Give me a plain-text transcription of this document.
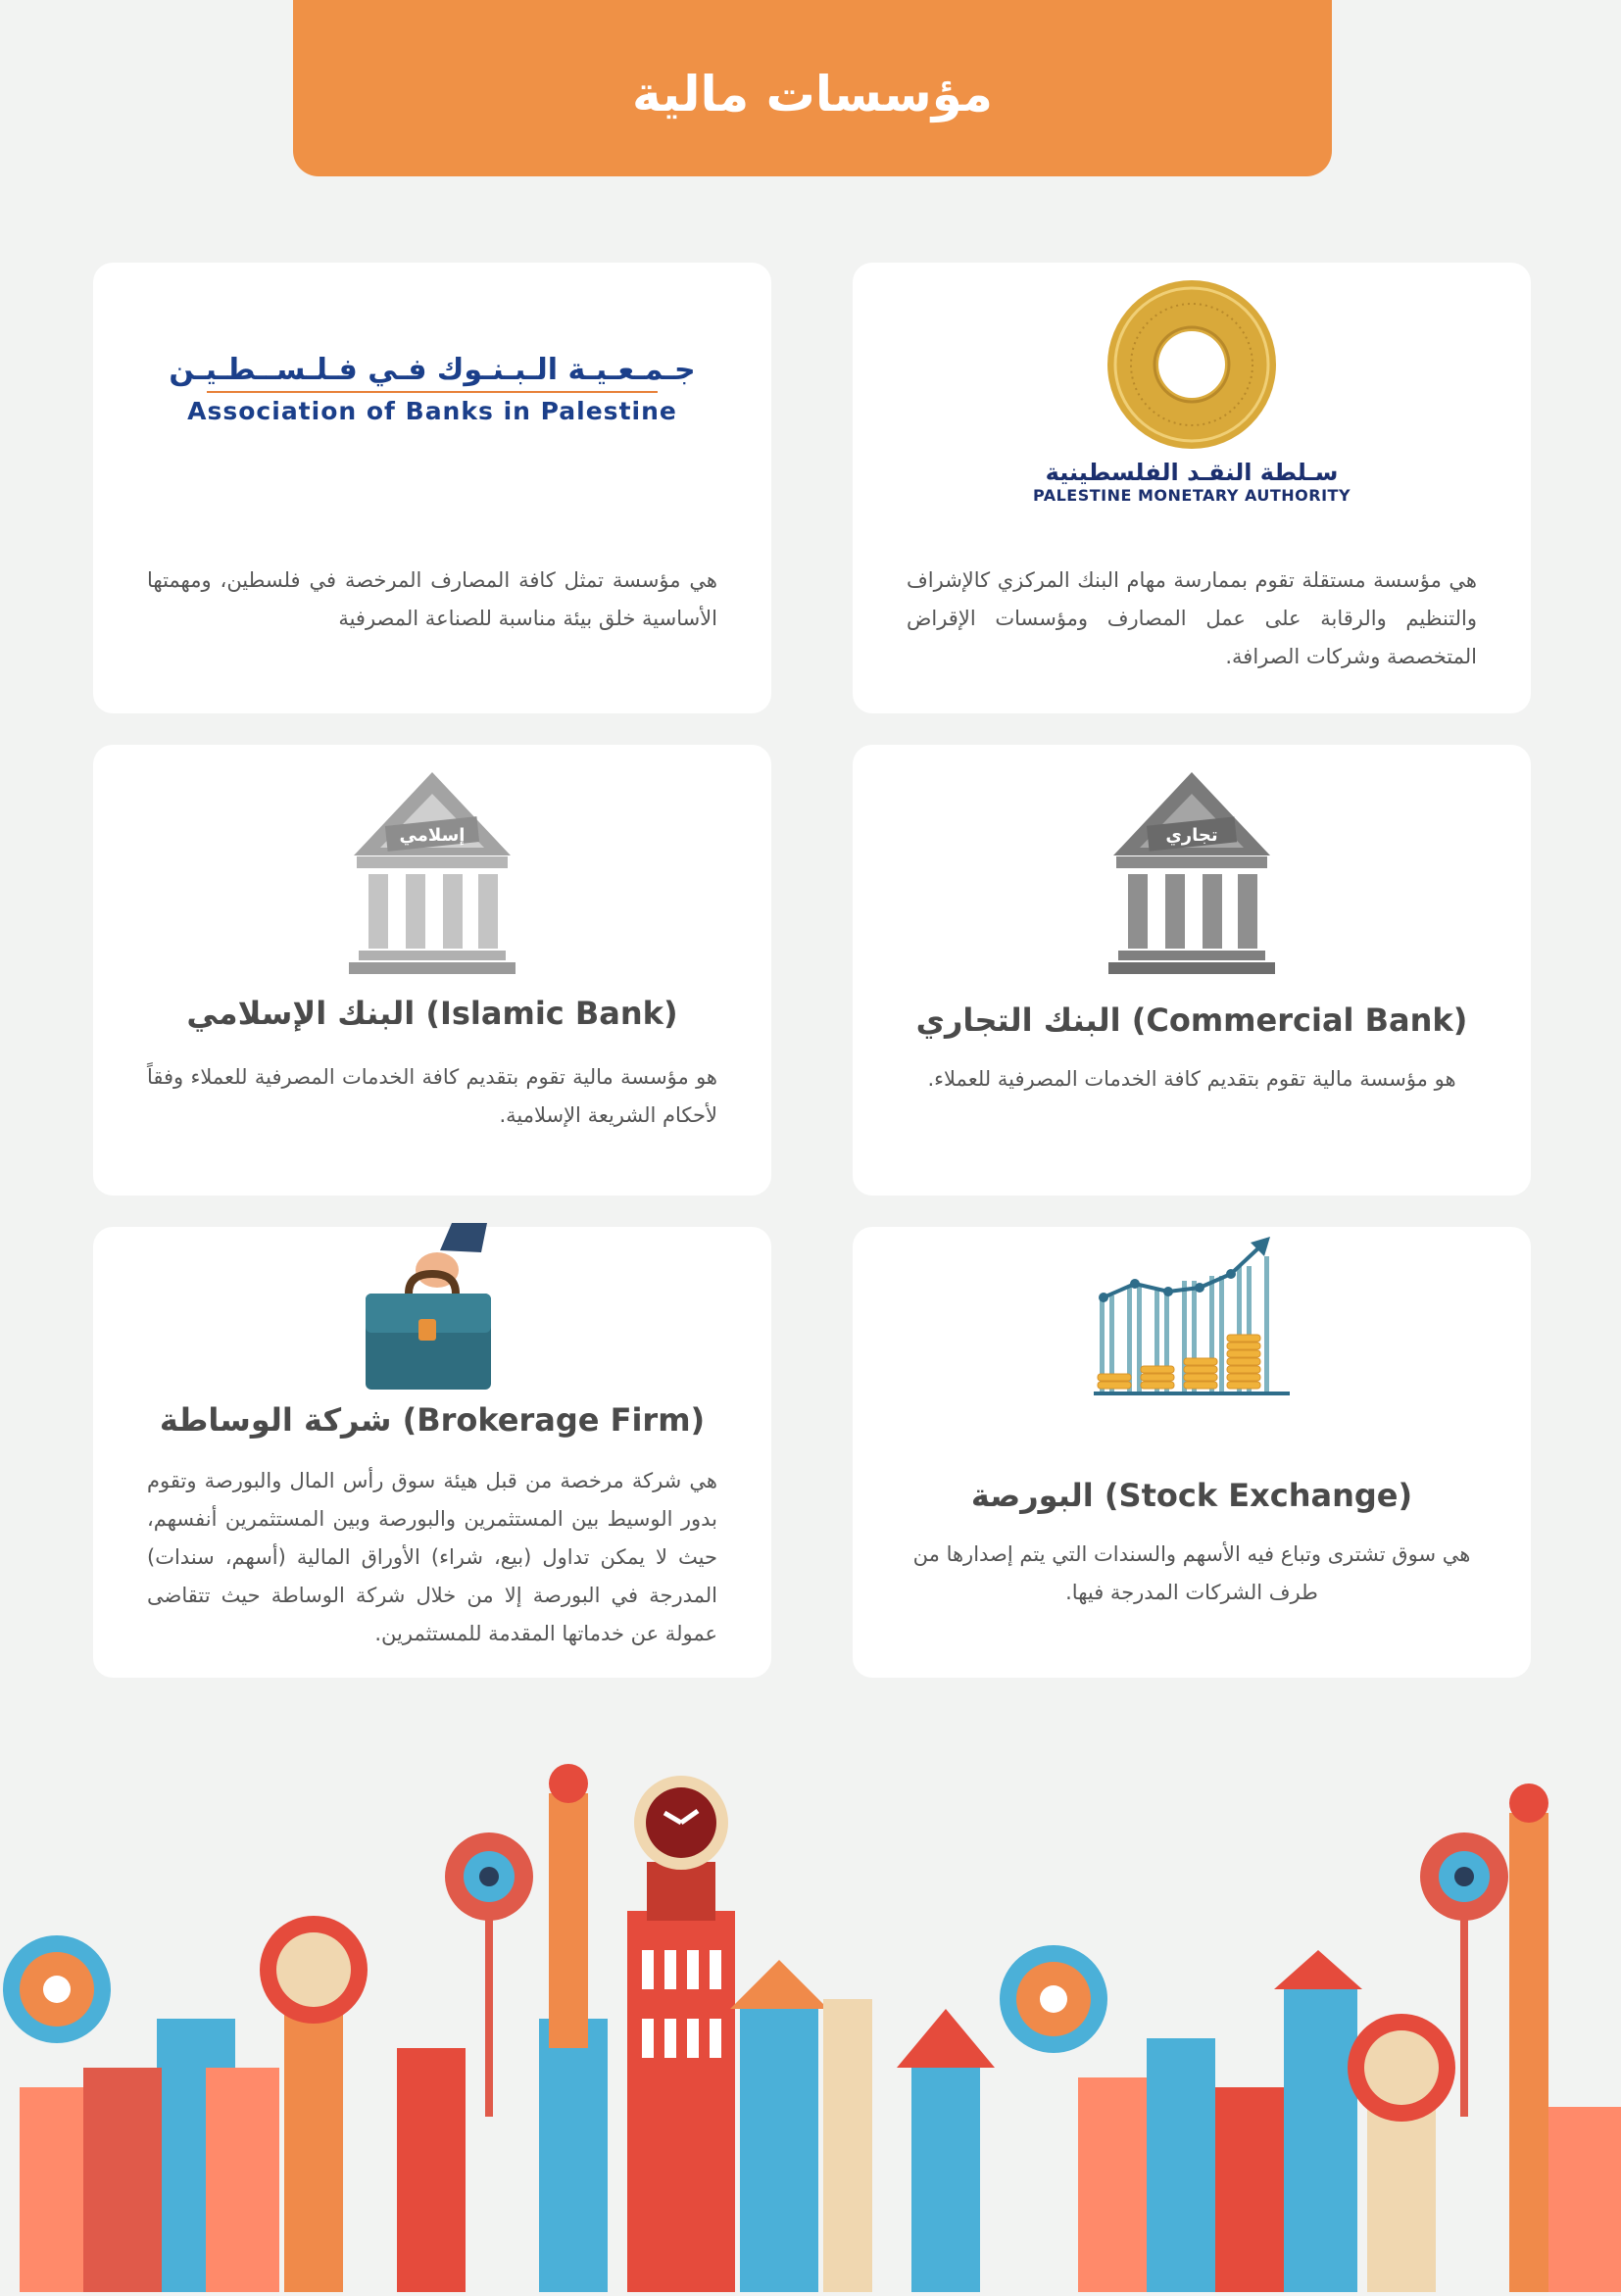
مؤسسات مالية
جـمـعـيـة الـبـنـوك فـي فـلـســطـيـن
Association of Banks in Palestine
هي مؤسسة تمثل كافة المصارف المرخصة في فلسطين، ومهمتها الأساسية خلق بيئة مناسبة للصناعة المصرفية
سـلطة النقـد الفلسطينية
PALESTINE MONETARY AUTHORITY
هي مؤسسة مستقلة تقوم بممارسة مهام البنك المركزي كالإشراف والتنظيم والرقابة على عمل المصارف ومؤسسات الإقراض المتخصصة وشركات الصرافة.
إسلامي
البنك الإسلامي (Islamic Bank)
هو مؤسسة مالية تقوم بتقديم كافة الخدمات المصرفية للعملاء وفقاً لأحكام الشريعة الإسلامية.
تجاري
البنك التجاري (Commercial Bank)
هو مؤسسة مالية تقوم بتقديم كافة الخدمات المصرفية للعملاء.
شركة الوساطة (Brokerage Firm)
هي شركة مرخصة من قبل هيئة سوق رأس المال والبورصة وتقوم بدور الوسيط بين المستثمرين والبورصة وبين المستثمرين أنفسهم، حيث لا يمكن تداول (بيع، شراء) الأوراق المالية (أسهم، سندات) المدرجة في البورصة إلا من خلال شركة الوساطة حيث تتقاضى عمولة عن خدماتها المقدمة للمستثمرين.
البورصة (Stock Exchange)
هي سوق تشترى وتباع فيه الأسهم والسندات التي يتم إصدارها من طرف الشركات المدرجة فيها.
